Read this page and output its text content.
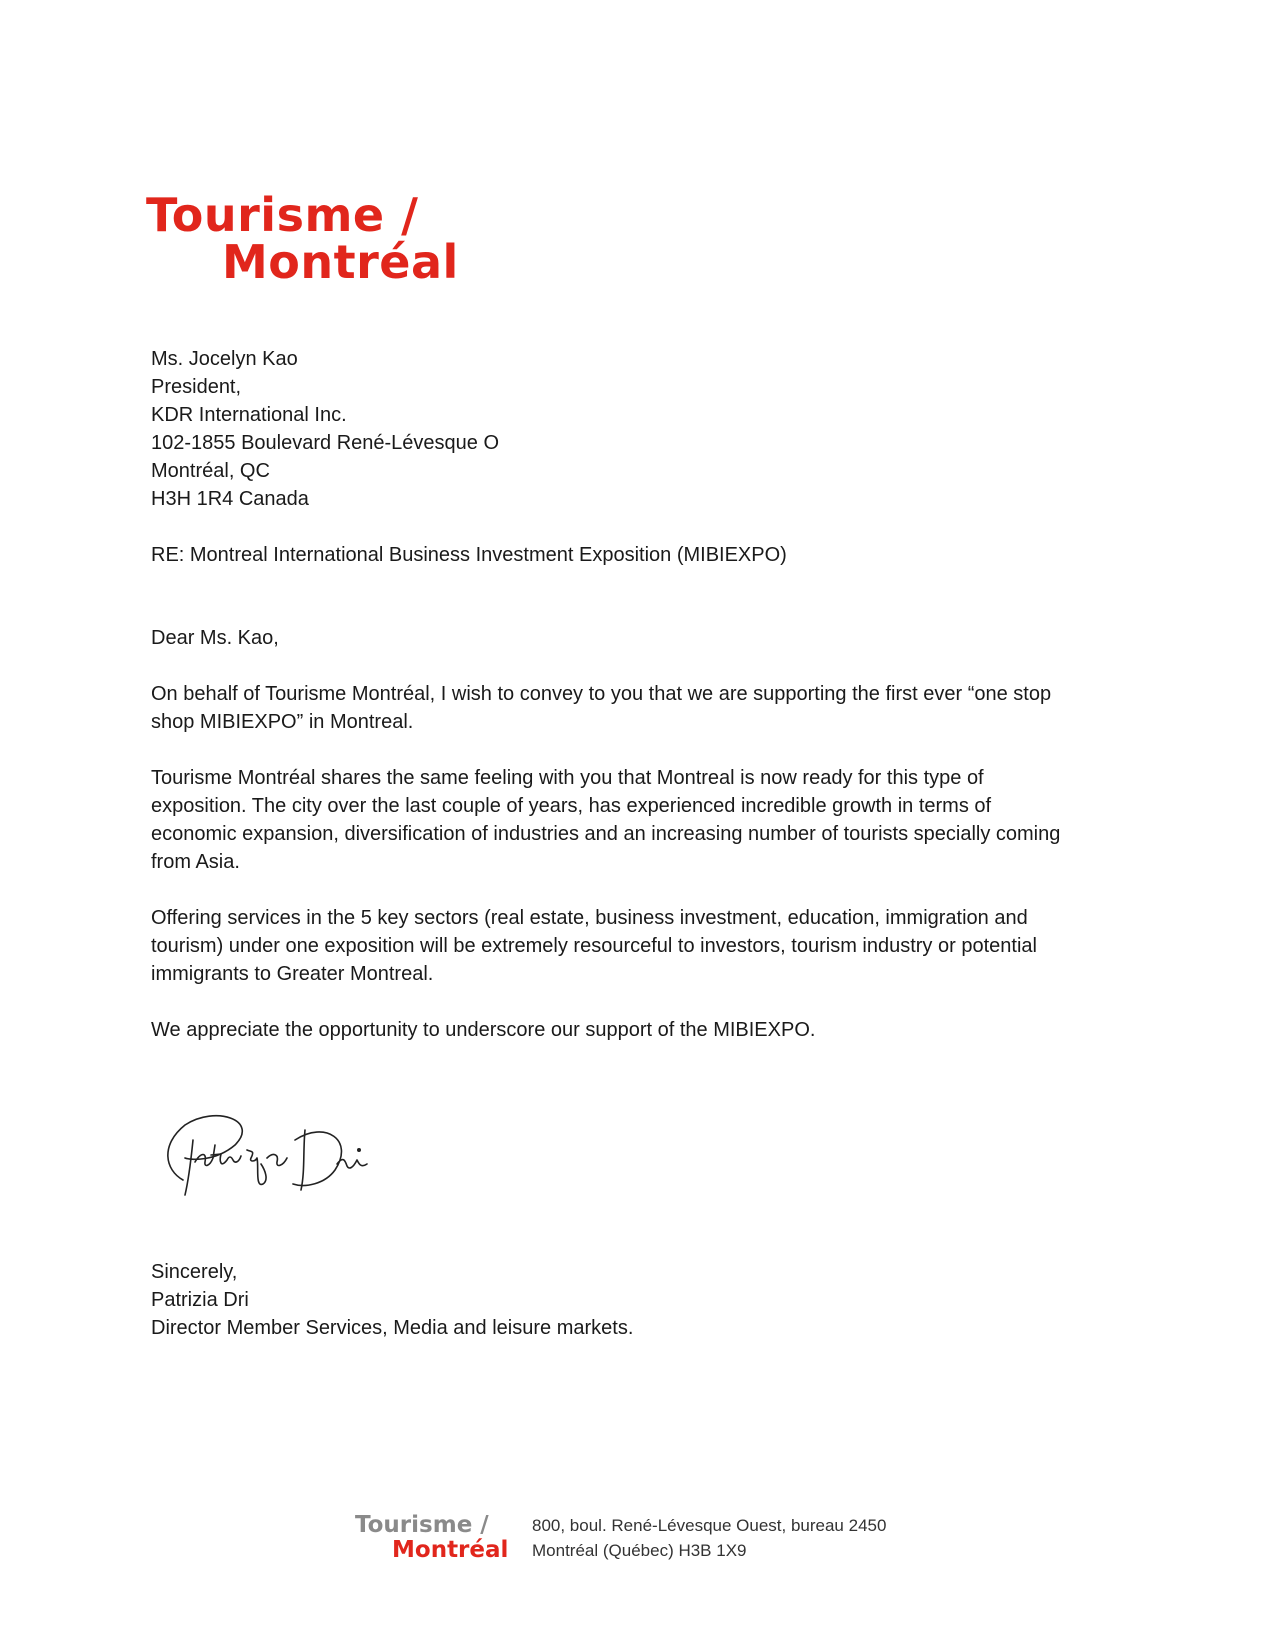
Tourisme /
Montréal
Ms. Jocelyn Kao
President,
KDR International Inc.
102-1855 Boulevard René-Lévesque O
Montréal, QC
H3H 1R4 Canada

RE: Montreal International Business Investment Exposition (MIBIEXPO)

Dear Ms. Kao,

On behalf of Tourisme Montréal, I wish to convey to you that we are supporting the first ever “one stop
shop MIBIEXPO” in Montreal.

Tourisme Montréal shares the same feeling with you that Montreal is now ready for this type of
exposition. The city over the last couple of years, has experienced incredible growth in terms of
economic expansion, diversification of industries and an increasing number of tourists specially coming
from Asia.

Offering services in the 5 key sectors (real estate, business investment, education, immigration and
tourism) under one exposition will be extremely resourceful to investors, tourism industry or potential
immigrants to Greater Montreal.

We appreciate the opportunity to underscore our support of the MIBIEXPO.

Sincerely,
Patrizia Dri
Director Member Services, Media and leisure markets.
Tourisme /
Montréal
800, boul. René-Lévesque Ouest, bureau 2450
Montréal (Québec) H3B 1X9
